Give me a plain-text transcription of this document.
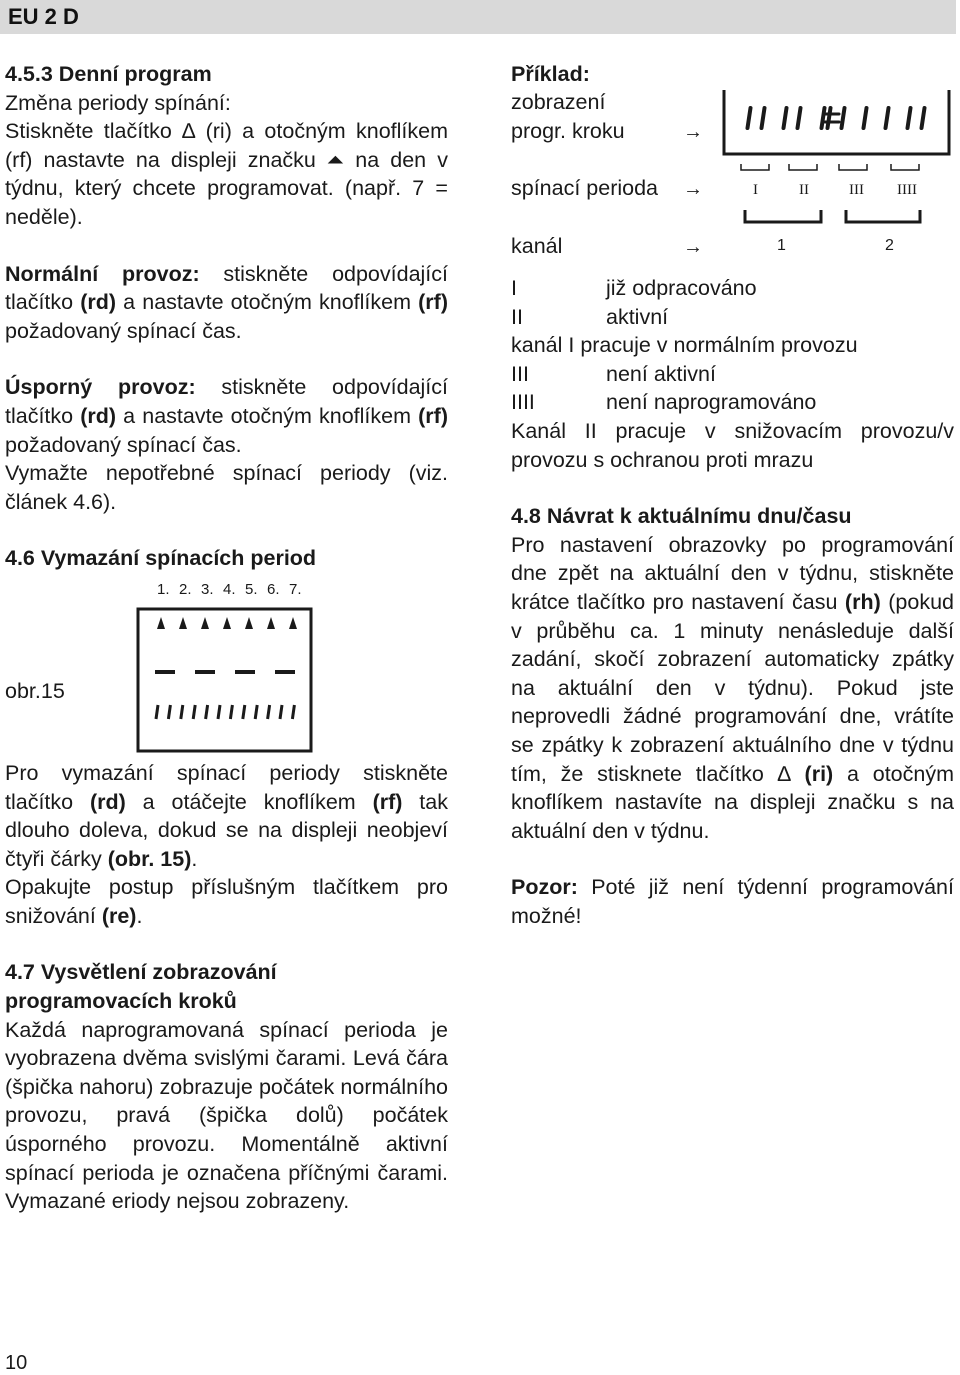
EU 2 D

4.5.3 Denní program

Změna periody spínání:

Stiskněte tlačítko ∆ (ri) a otočným knoflíkem (rf) nastavte na displeji značku ⏶ na den v týdnu, který chcete programovat. (např. 7 = neděle).

Normální provoz: stiskněte odpovídající tlačítko (rd) a nastavte otočným knoflíkem (rf) požadovaný spínací čas.

Úsporný provoz: stiskněte odpovídající tlačítko (rd) a nastavte otočným knoflíkem (rf) požadovaný spínací čas.

Vymažte nepotřebné spínací periody (viz. článek 4.6).

4.6 Vymazání spínacích period

1. 2. 3. 4. 5. 6. 7.
obr.15

Pro vymazání spínací periody stiskněte tlačítko (rd) a otáčejte knoflíkem (rf) tak dlouho doleva, dokud se na displeji neobjeví čtyři čárky (obr. 15).

Opakujte postup příslušným tlačítkem pro snižování (re).

4.7 Vysvětlení zobrazování

programovacích kroků

Každá naprogramovaná spínací perioda je vyobrazena dvěma svislými čarami. Levá čára (špička nahoru) zobrazuje počátek normálního provozu, pravá (špička dolů) počátek úsporného provozu. Momentálně aktivní spínací perioda je označena příčnými čarami. Vymazané eriody nejsou zobrazeny.

Příklad:
zobrazení
progr. kroku	→
spínací perioda →
kanál	→
I	II	III IIII
1	2
I	již odpracováno
II	aktivní

kanál I pracuje v normálním provozu

III	není aktivní
IIII	není naprogramováno

Kanál II pracuje v snižovacím provozu/v provozu s ochranou proti mrazu

4.8 Návrat k aktuálnímu dnu/času

Pro nastavení obrazovky po programování dne zpět na aktuální den v týdnu, stiskněte krátce tlačítko pro nastavení času (rh) (pokud v průběhu ca. 1 minuty nenásleduje další zadání, skočí zobrazení automaticky zpátky na aktuální den v týdnu). Pokud jste neprovedli žádné programování dne, vrátíte se zpátky k zobrazení aktuálního dne v týdnu tím, že stisknete tlačítko ∆ (ri) a otočným knoflíkem nastavíte na displeji značku s na aktuální den v týdnu.

Pozor: Poté již není týdenní programování možné!

10
